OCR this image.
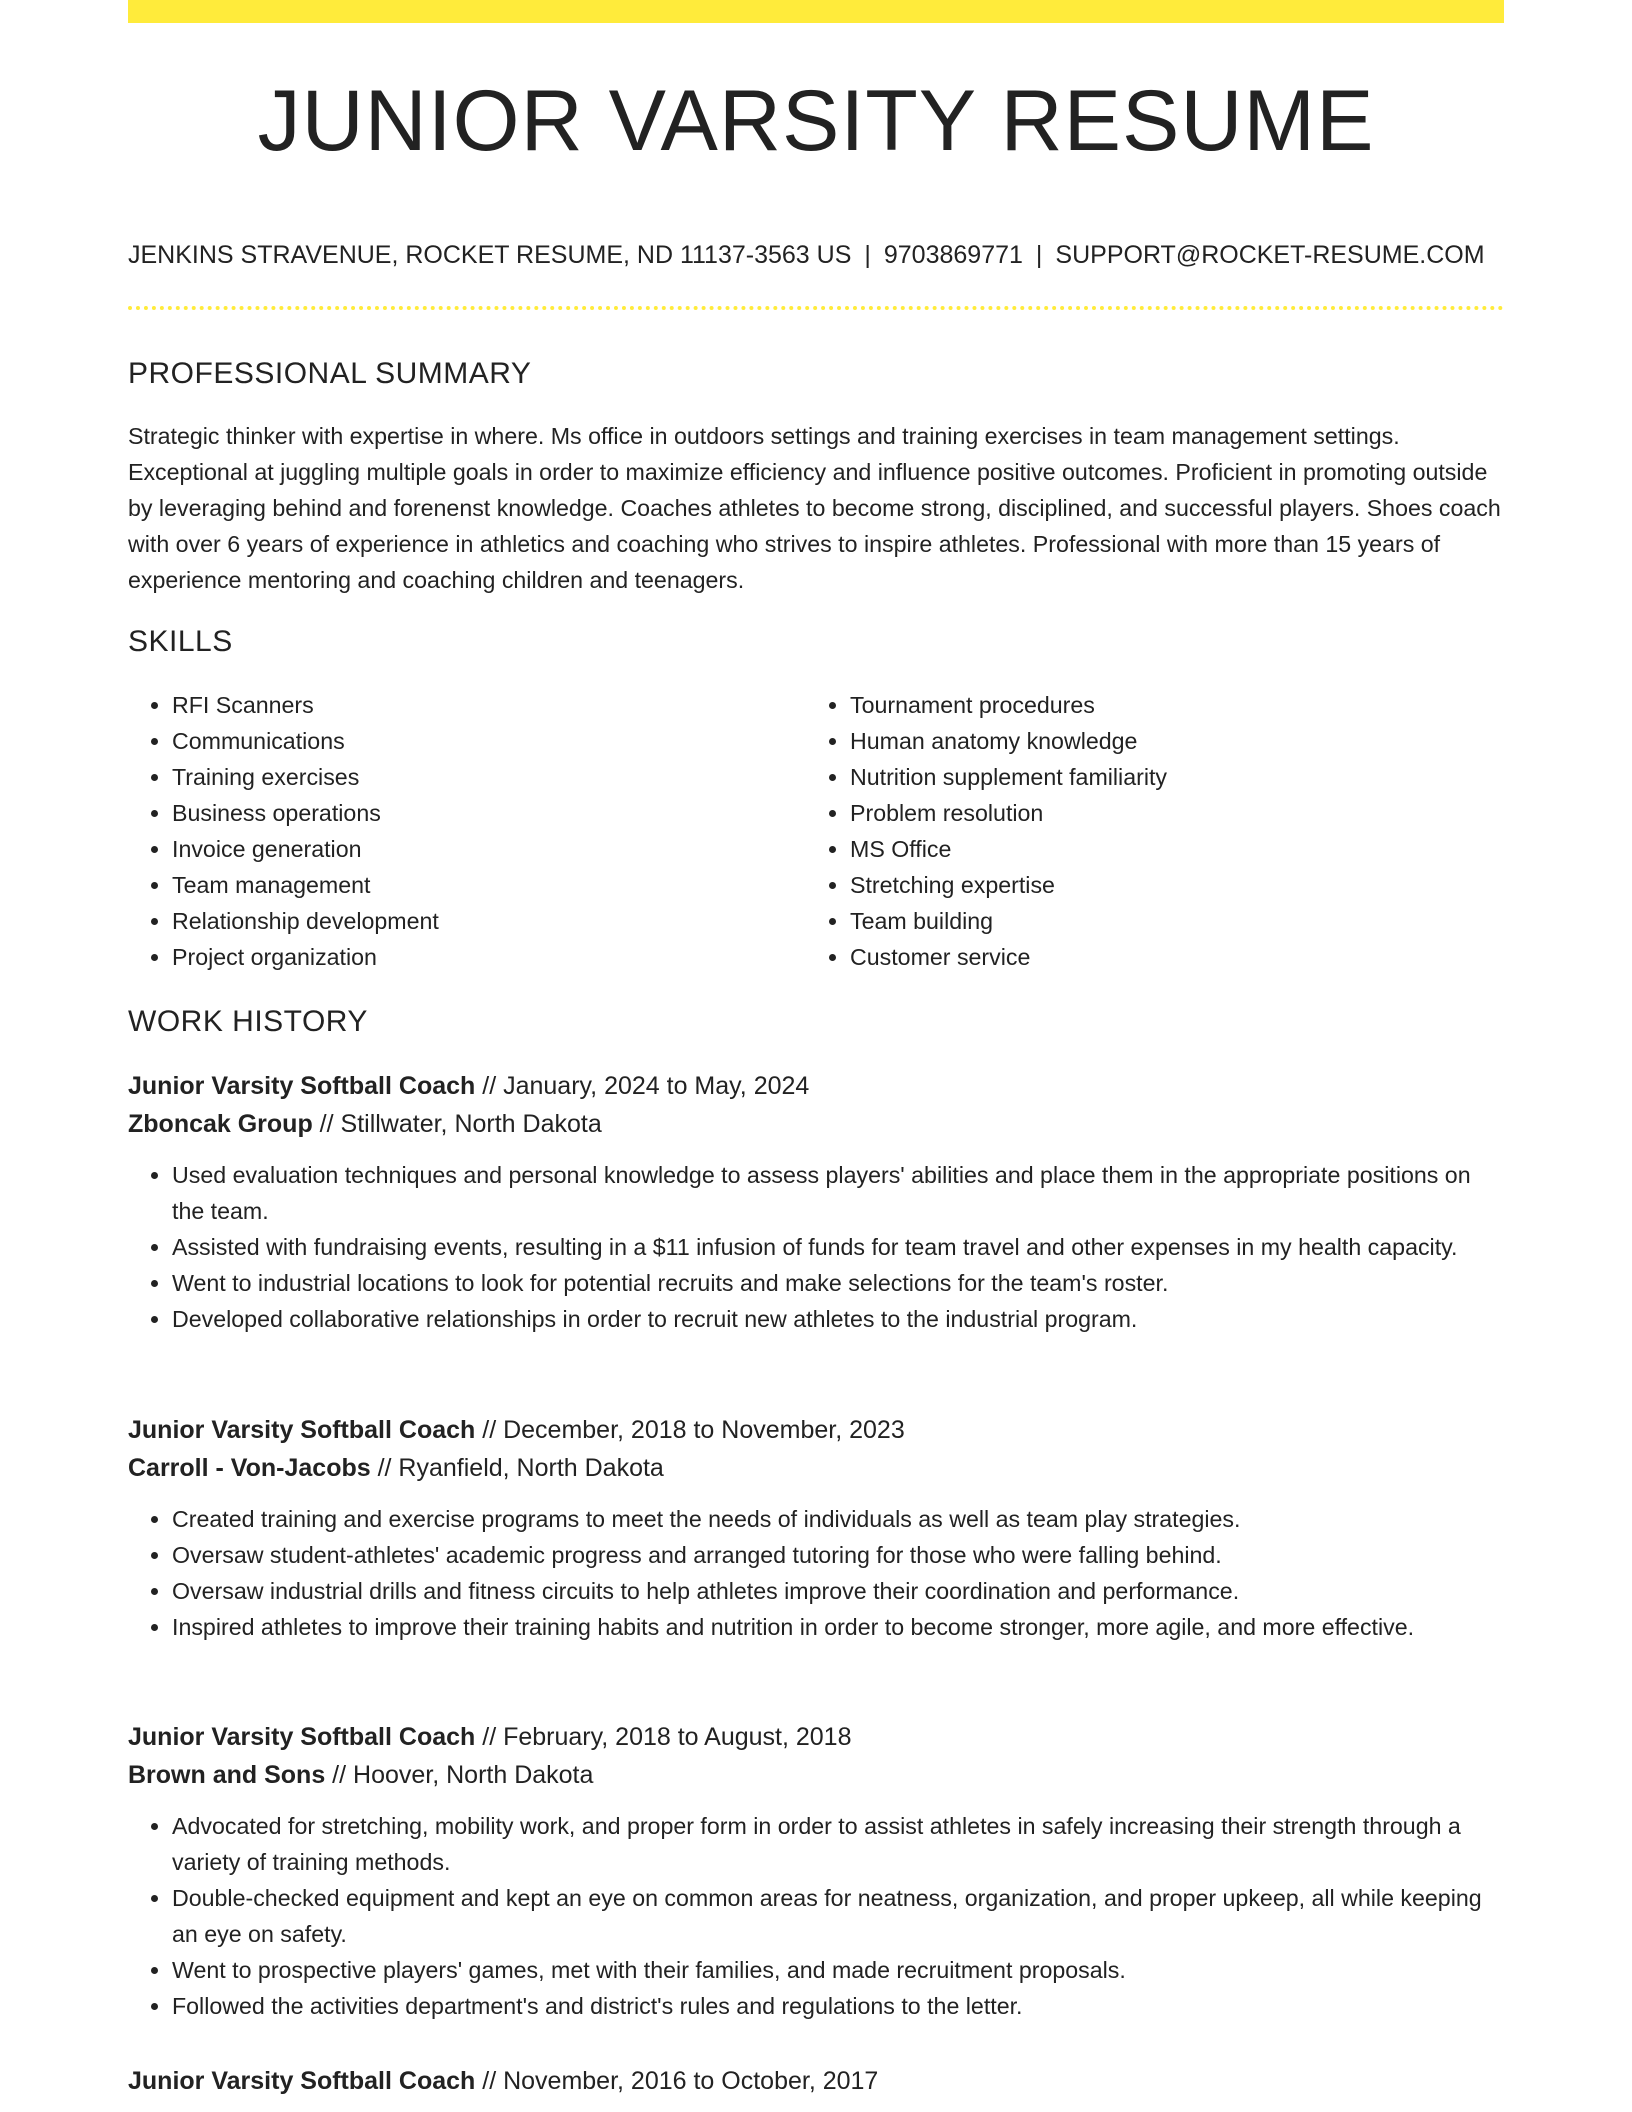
JUNIOR VARSITY RESUME
JENKINS STRAVENUE, ROCKET RESUME, ND 11137-3563 US | 9703869771 | SUPPORT@ROCKET-RESUME.COM
PROFESSIONAL SUMMARY

Strategic thinker with expertise in where. Ms office in outdoors settings and training exercises in team management settings. Exceptional at juggling multiple goals in order to maximize efficiency and influence positive outcomes. Proficient in promoting outside by leveraging behind and forenenst knowledge. Coaches athletes to become strong, disciplined, and successful players. Shoes coach with over 6 years of experience in athletics and coaching who strives to inspire athletes. Professional with more than 15 years of experience mentoring and coaching children and teenagers.

SKILLS
• RFI Scanners
• Communications
• Training exercises
• Business operations
• Invoice generation
• Team management
• Relationship development
• Project organization
• Tournament procedures
• Human anatomy knowledge
• Nutrition supplement familiarity
• Problem resolution
• MS Office
• Stretching expertise
• Team building
• Customer service
WORK HISTORY
Junior Varsity Softball Coach // January, 2024 to May, 2024
Zboncak Group // Stillwater, North Dakota
• Used evaluation techniques and personal knowledge to assess players' abilities and place them in the appropriate positions on the team.
• Assisted with fundraising events, resulting in a $11 infusion of funds for team travel and other expenses in my health capacity.
• Went to industrial locations to look for potential recruits and make selections for the team's roster.
• Developed collaborative relationships in order to recruit new athletes to the industrial program.
Junior Varsity Softball Coach // December, 2018 to November, 2023
Carroll - Von-Jacobs // Ryanfield, North Dakota
• Created training and exercise programs to meet the needs of individuals as well as team play strategies.
• Oversaw student-athletes' academic progress and arranged tutoring for those who were falling behind.
• Oversaw industrial drills and fitness circuits to help athletes improve their coordination and performance.
• Inspired athletes to improve their training habits and nutrition in order to become stronger, more agile, and more effective.
Junior Varsity Softball Coach // February, 2018 to August, 2018
Brown and Sons // Hoover, North Dakota
• Advocated for stretching, mobility work, and proper form in order to assist athletes in safely increasing their strength through a variety of training methods.
• Double-checked equipment and kept an eye on common areas for neatness, organization, and proper upkeep, all while keeping an eye on safety.
• Went to prospective players' games, met with their families, and made recruitment proposals.
• Followed the activities department's and district's rules and regulations to the letter.
Junior Varsity Softball Coach // November, 2016 to October, 2017
